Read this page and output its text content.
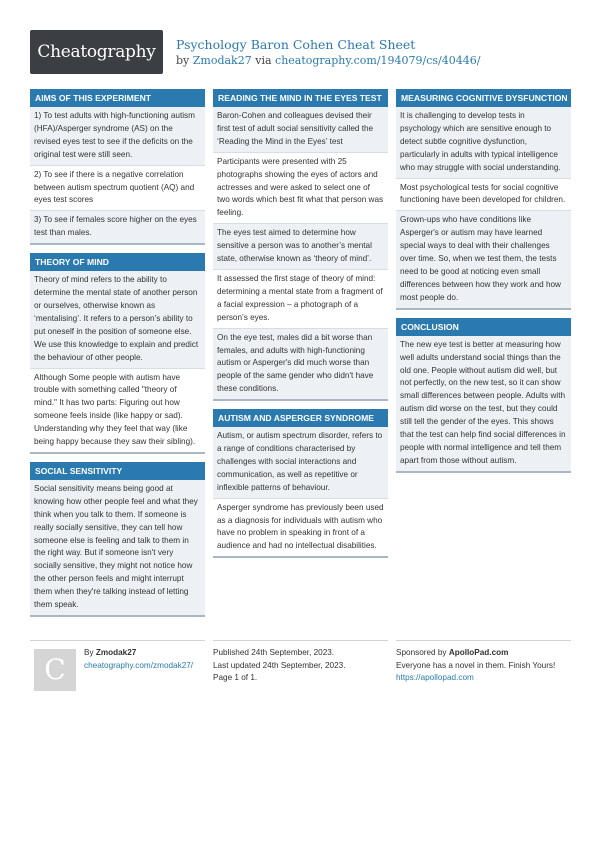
Cheatography Psychology Baron Cohen Cheat Sheet
by Zmodak27 via cheatography.com/194079/cs/40446/
AIMS OF THIS EXPERIMENT
1) To test adults with high-functioning autism (HFA)/Asperger syndrome (AS) on the revised eyes test to see if the deficits on the original test were still seen.
2) To see if there is a negative correlation between autism spectrum quotient (AQ) and eyes test scores
3) To see if females score higher on the eyes test than males.
THEORY OF MIND
Theory of mind refers to the ability to determine the mental state of another person or ourselves, otherwise known as ‘mentalising’. It refers to a person’s ability to put oneself in the position of someone else. We use this knowledge to explain and predict the behaviour of other people.
Although Some people with autism have trouble with something called "theory of mind." It has two parts: Figuring out how someone feels inside (like happy or sad). Understanding why they feel that way (like being happy because they saw their sibling).
SOCIAL SENSITIVITY
Social sensitivity means being good at knowing how other people feel and what they think when you talk to them. If someone is really socially sensitive, they can tell how someone else is feeling and talk to them in the right way. But if someone isn't very socially sensitive, they might not notice how the other person feels and might interrupt them when they're talking instead of letting them speak.
READING THE MIND IN THE EYES TEST
Baron-Cohen and colleagues devised their first test of adult social sensitivity called the ‘Reading the Mind in the Eyes’ test
Participants were presented with 25 photographs showing the eyes of actors and actresses and were asked to select one of two words which best fit what that person was feeling.
The eyes test aimed to determine how sensitive a person was to another’s mental state, otherwise known as ‘theory of mind’.
It assessed the first stage of theory of mind: determining a mental state from a fragment of a facial expression – a photograph of a person’s eyes.
On the eye test, males did a bit worse than females, and adults with high-functioning autism or Asperger's did much worse than people of the same gender who didn't have these conditions.
AUTISM AND ASPERGER SYNDROME
Autism, or autism spectrum disorder, refers to a range of conditions characterised by challenges with social interactions and communication, as well as repetitive or inflexible patterns of behaviour.
Asperger syndrome has previously been used as a diagnosis for individuals with autism who have no problem in speaking in front of a audience and had no intellectual disabilities.
MEASURING COGNITIVE DYSFUNCTION
It is challenging to develop tests in psychology which are sensitive enough to detect subtle cognitive dysfunction, particularly in adults with typical intelligence who may struggle with social understanding.
Most psychological tests for social cognitive functioning have been developed for children.
Grown-ups who have conditions like Asperger's or autism may have learned special ways to deal with their challenges over time. So, when we test them, the tests need to be good at noticing even small differences between how they work and how most people do.
CONCLUSION
The new eye test is better at measuring how well adults understand social things than the old one. People without autism did well, but not perfectly, on the new test, so it can show small differences between people. Adults with autism did worse on the test, but they could still tell the gender of the eyes. This shows that the test can help find social differences in people with normal intelligence and tell them apart from those without autism.
C
By Zmodak27
cheatography.com/zmodak27/
Published 24th September, 2023.
Last updated 24th September, 2023.
Page 1 of 1.
Sponsored by ApolloPad.com
Everyone has a novel in them. Finish Yours!
https://apollopad.com
